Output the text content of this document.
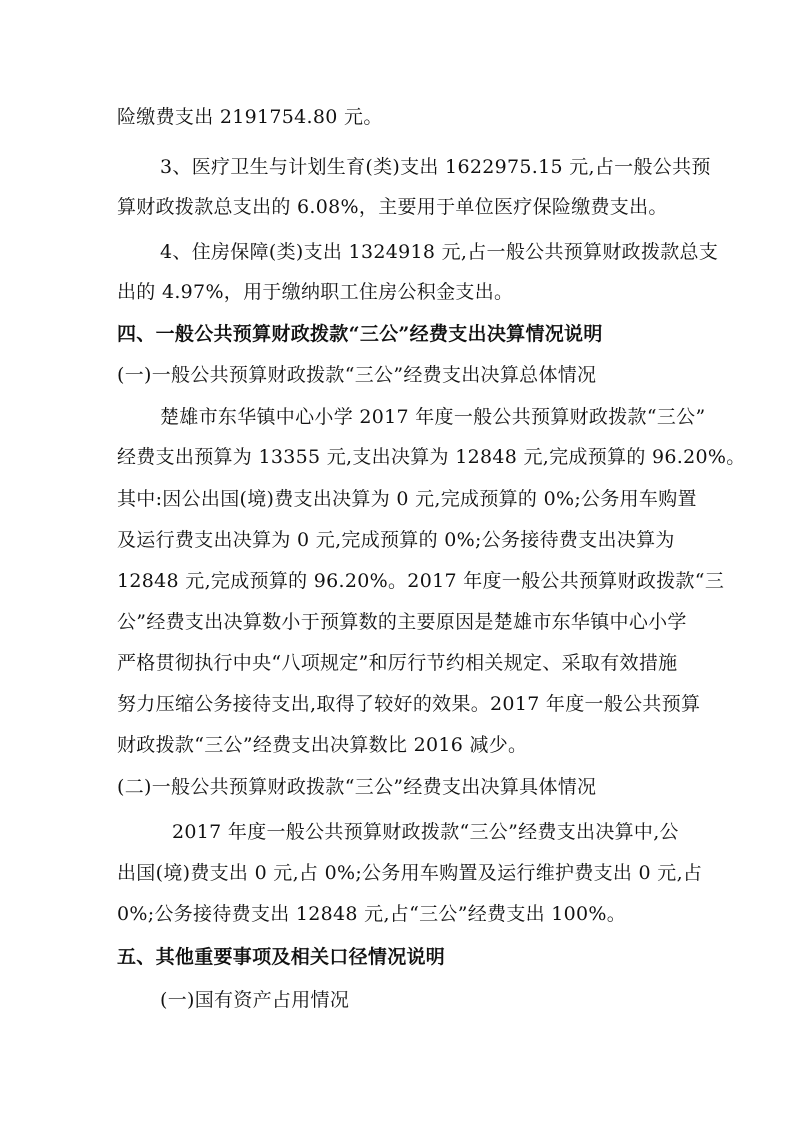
险缴费支出 2191754.80 元。
3、医疗卫生与计划生育(类)支出 1622975.15 元,占一般公共预
算财政拨款总支出的 6.08%，主要用于单位医疗保险缴费支出。
4、住房保障(类)支出 1324918 元,占一般公共预算财政拨款总支
出的 4.97%，用于缴纳职工住房公积金支出。
四、一般公共预算财政拨款“三公”经费支出决算情况说明
(一)一般公共预算财政拨款“三公”经费支出决算总体情况
楚雄市东华镇中心小学 2017 年度一般公共预算财政拨款“三公”
经费支出预算为 13355 元,支出决算为 12848 元,完成预算的 96.20%。
其中:因公出国(境)费支出决算为 0 元,完成预算的 0%;公务用车购置
及运行费支出决算为 0 元,完成预算的 0%;公务接待费支出决算为
12848 元,完成预算的 96.20%。2017 年度一般公共预算财政拨款“三
公”经费支出决算数小于预算数的主要原因是楚雄市东华镇中心小学
严格贯彻执行中央“八项规定”和厉行节约相关规定、采取有效措施
努力压缩公务接待支出,取得了较好的效果。2017 年度一般公共预算
财政拨款“三公”经费支出决算数比 2016 减少。
(二)一般公共预算财政拨款“三公”经费支出决算具体情况
2017 年度一般公共预算财政拨款“三公”经费支出决算中,公
出国(境)费支出 0 元,占 0%;公务用车购置及运行维护费支出 0 元,占
0%;公务接待费支出 12848 元,占“三公”经费支出 100%。
五、其他重要事项及相关口径情况说明
(一)国有资产占用情况
